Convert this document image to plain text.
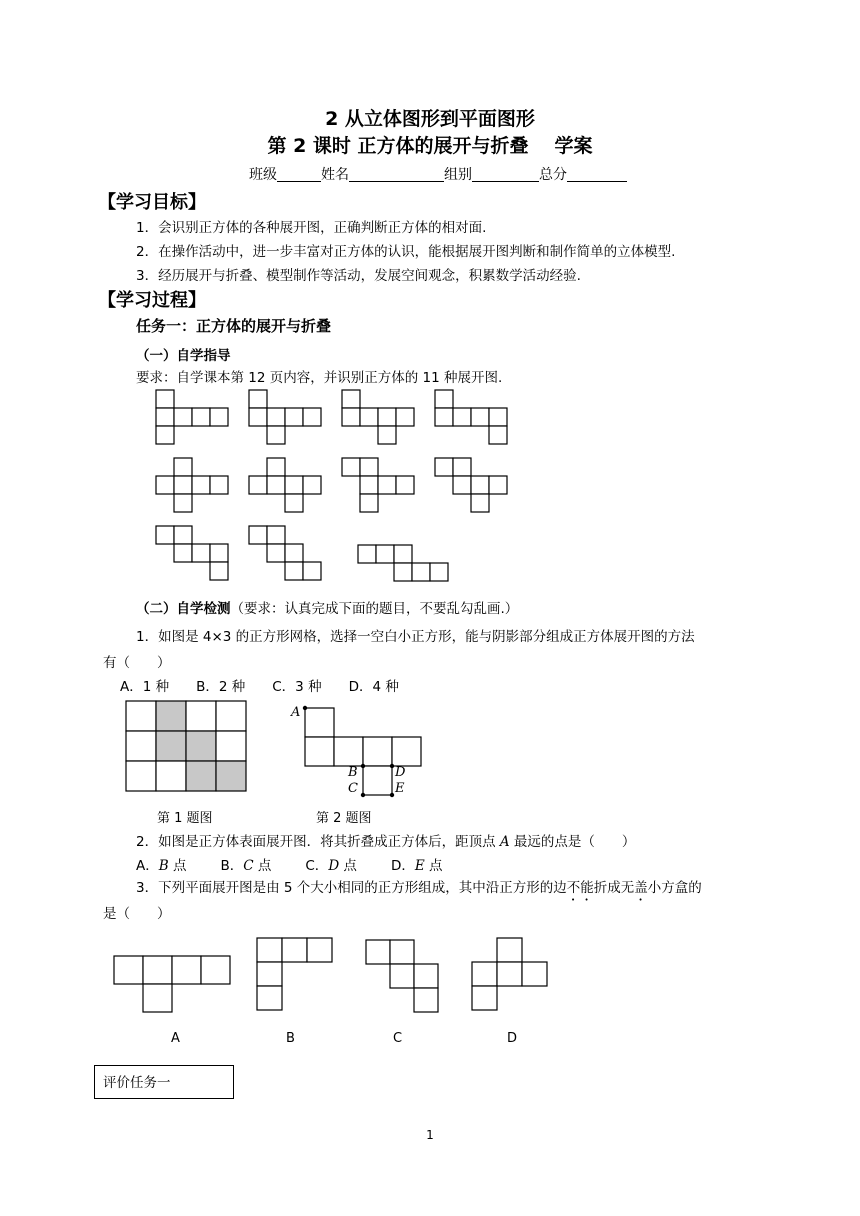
2 从立体图形到平面图形
第 2 课时 正方体的展开与折叠 学案
班级	姓名	组别	总分
【学习目标】
1．会识别正方体的各种展开图，正确判断正方体的相对面.
2．在操作活动中，进一步丰富对正方体的认识，能根据展开图判断和制作简单的立体模型.
3．经历展开与折叠、模型制作等活动，发展空间观念，积累数学活动经验.
【学习过程】
任务一：正方体的展开与折叠
（一）自学指导
要求：自学课本第 12 页内容，并识别正方体的 11 种展开图.
（二）自学检测（要求：认真完成下面的题目，不要乱勾乱画.）
1．如图是 4×3 的正方形网格，选择一空白小正方形，能与阴影部分组成正方体展开图的方法
有（　　）
A．1 种　　B．2 种　　C．3 种　　D．4 种
A
B
C
D
E
第 1 题图	第 2 题图
2．如图是正方体表面展开图．将其折叠成正方体后，距顶点 A 最远的点是（　　）
A．B 点	B．C 点	C．D 点	D．E 点
3．下列平面展开图是由 5 个大小相同的正方形组成，其中沿正方形的边不能折成无盖小方盒的
是（　　）
A	B	C	D
评价任务一
1
